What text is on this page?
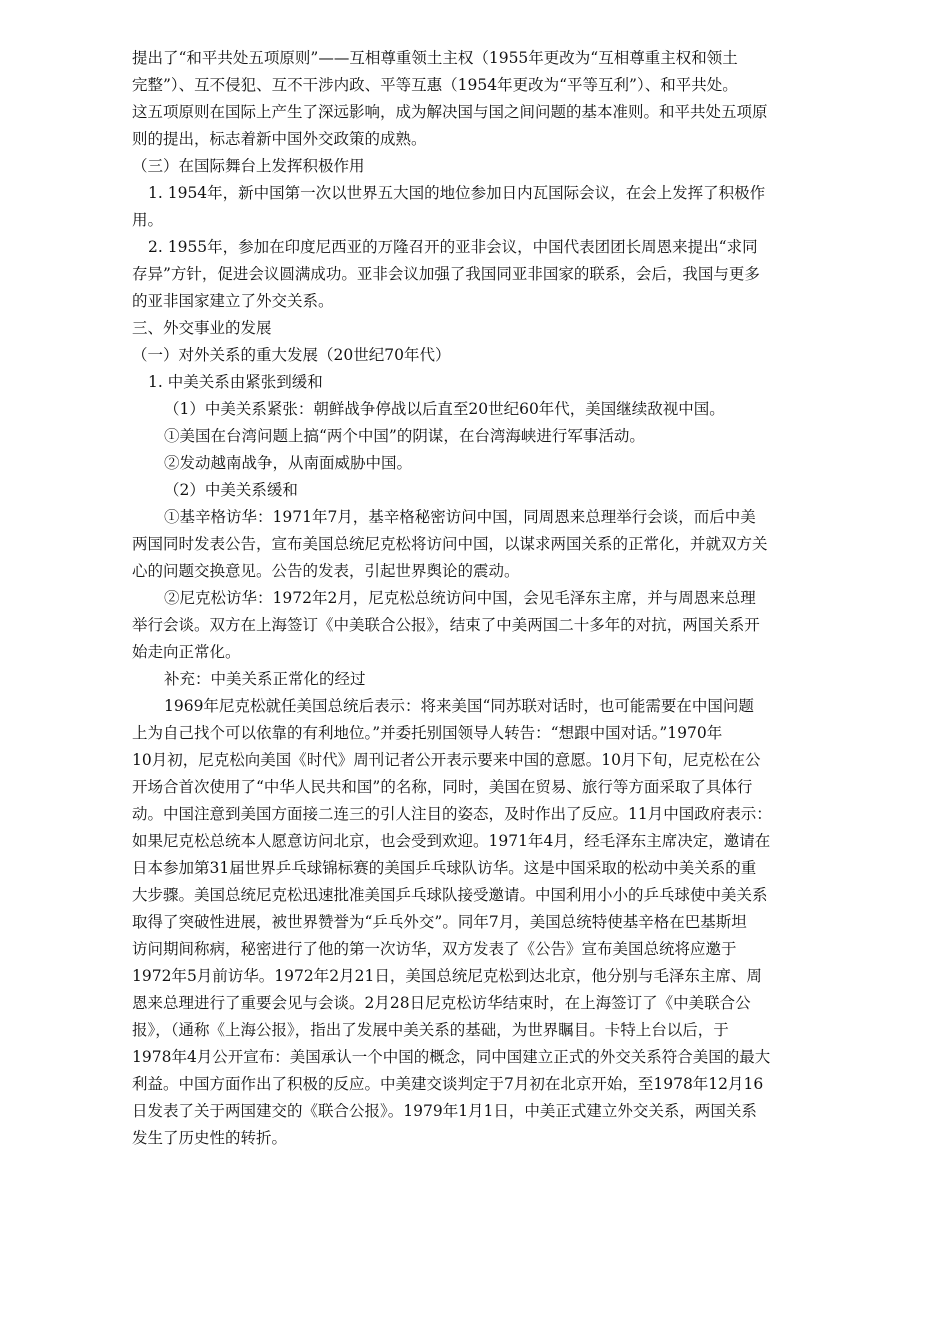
提出了“和平共处五项原则”——互相尊重领土主权（1955年更改为“互相尊重主权和领土
完整”）、互不侵犯、互不干涉内政、平等互惠（1954年更改为“平等互利”）、和平共处。
这五项原则在国际上产生了深远影响，成为解决国与国之间问题的基本准则。和平共处五项原
则的提出，标志着新中国外交政策的成熟。
（三）在国际舞台上发挥积极作用
1. 1954年，新中国第一次以世界五大国的地位参加日内瓦国际会议，在会上发挥了积极作
用。
2. 1955年，参加在印度尼西亚的万隆召开的亚非会议，中国代表团团长周恩来提出“求同
存异”方针，促进会议圆满成功。亚非会议加强了我国同亚非国家的联系，会后，我国与更多
的亚非国家建立了外交关系。
三、外交事业的发展
（一）对外关系的重大发展（20世纪70年代）
1. 中美关系由紧张到缓和
（1）中美关系紧张：朝鲜战争停战以后直至20世纪60年代，美国继续敌视中国。
①美国在台湾问题上搞“两个中国”的阴谋，在台湾海峡进行军事活动。
②发动越南战争，从南面威胁中国。
（2）中美关系缓和
①基辛格访华：1971年7月，基辛格秘密访问中国，同周恩来总理举行会谈，而后中美
两国同时发表公告，宣布美国总统尼克松将访问中国，以谋求两国关系的正常化，并就双方关
心的问题交换意见。公告的发表，引起世界舆论的震动。
②尼克松访华：1972年2月，尼克松总统访问中国，会见毛泽东主席，并与周恩来总理
举行会谈。双方在上海签订《中美联合公报》，结束了中美两国二十多年的对抗，两国关系开
始走向正常化。
补充：中美关系正常化的经过
1969年尼克松就任美国总统后表示：将来美国“同苏联对话时，也可能需要在中国问题
上为自己找个可以依靠的有利地位。”并委托别国领导人转告：“想跟中国对话。”1970年
10月初，尼克松向美国《时代》周刊记者公开表示要来中国的意愿。10月下旬，尼克松在公
开场合首次使用了“中华人民共和国”的名称，同时，美国在贸易、旅行等方面采取了具体行
动。中国注意到美国方面接二连三的引人注目的姿态，及时作出了反应。11月中国政府表示：
如果尼克松总统本人愿意访问北京，也会受到欢迎。1971年4月，经毛泽东主席决定，邀请在
日本参加第31届世界乒乓球锦标赛的美国乒乓球队访华。这是中国采取的松动中美关系的重
大步骤。美国总统尼克松迅速批准美国乒乓球队接受邀请。中国利用小小的乒乓球使中美关系
取得了突破性进展，被世界赞誉为“乒乓外交”。同年7月，美国总统特使基辛格在巴基斯坦
访问期间称病，秘密进行了他的第一次访华，双方发表了《公告》宣布美国总统将应邀于
1972年5月前访华。1972年2月21日，美国总统尼克松到达北京，他分别与毛泽东主席、周
恩来总理进行了重要会见与会谈。2月28日尼克松访华结束时，在上海签订了《中美联合公
报》，（通称《上海公报》，指出了发展中美关系的基础，为世界瞩目。卡特上台以后，于
1978年4月公开宣布：美国承认一个中国的概念，同中国建立正式的外交关系符合美国的最大
利益。中国方面作出了积极的反应。中美建交谈判定于7月初在北京开始，至1978年12月16
日发表了关于两国建交的《联合公报》。1979年1月1日，中美正式建立外交关系，两国关系
发生了历史性的转折。
